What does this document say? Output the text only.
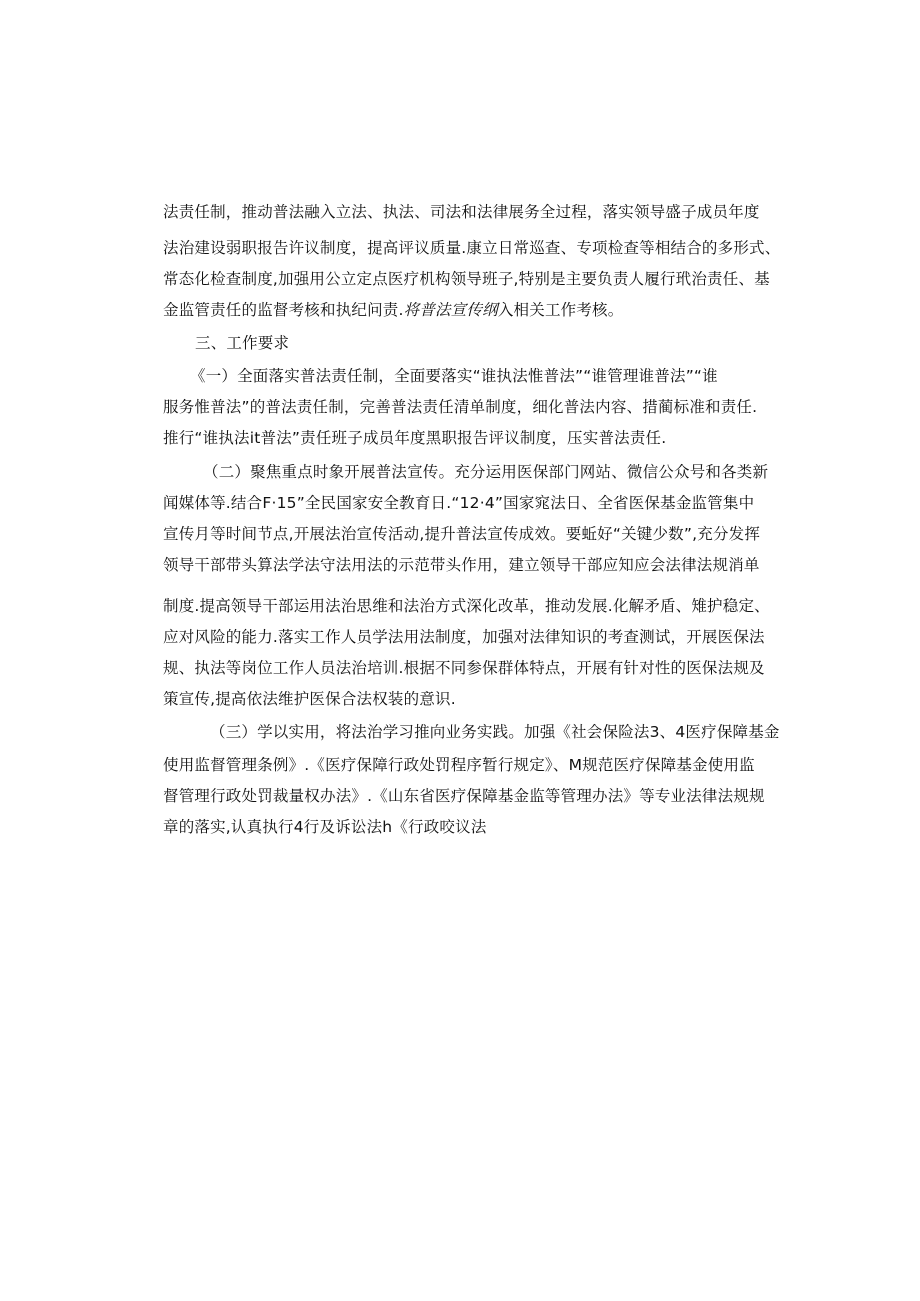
法责任制，推动普法融入立法、执法、司法和法律展务全过程，落实领导盛子成员年度
法治建设弱职报告许议制度，提高评议质量.康立日常巡查、专项检查等相结合的多形式、
常态化检查制度,加强用公立定点医疗机构领导班子,特别是主要负责人履行玳治责任、基
金监管责任的监督考核和执纪问责.将普法宣传纲入相关工作考核。
三、工作要求
《一）全面落实普法责任制，全面要落实“谁执法惟普法”“谁管理谁普法”“谁
服务惟普法”的普法责任制，完善普法责任清单制度，细化普法内容、措蔺标准和责任.
推行“谁执法it普法”责任班子成员年度黑职报告评议制度，压实普法责任.
（二）聚焦重点时象开展普法宣传。充分运用医保部门网站、微信公众号和各类新
闻媒体等.结合F·15”全民国家安全教育日.“12·4”国家窕法日、全省医保基金监管集中
宣传月等时间节点,开展法治宣传活动,提升普法宣传成效。要蚯好“关键少数”,充分发挥
领导干部带头算法学法守法用法的示范带头作用，建立领导干部应知应会法律法规消单
制度.提高领导干部运用法治思维和法治方式深化改革，推动发展.化解矛盾、雉护稳定、
应对风险的能力.落实工作人员学法用法制度，加强对法律知识的考查测试，开展医保法
规、执法等岗位工作人员法治培训.根据不同参保群体特点，开展有针对性的医保法规及
策宣传,提高依法维护医保合法权装的意识.
（三）学以实用，将法治学习推向业务实践。加强《社会保险法3、4医疗保障基金
使用监督管理条例》.《医疗保障行政处罚程序暂行规定》、M规范医疗保障基金使用监
督管理行政处罚裁量权办法》.《山东省医疗保障基金监等管理办法》等专业法律法规规
章的落实,认真执行4行及诉讼法h《行政咬议法
